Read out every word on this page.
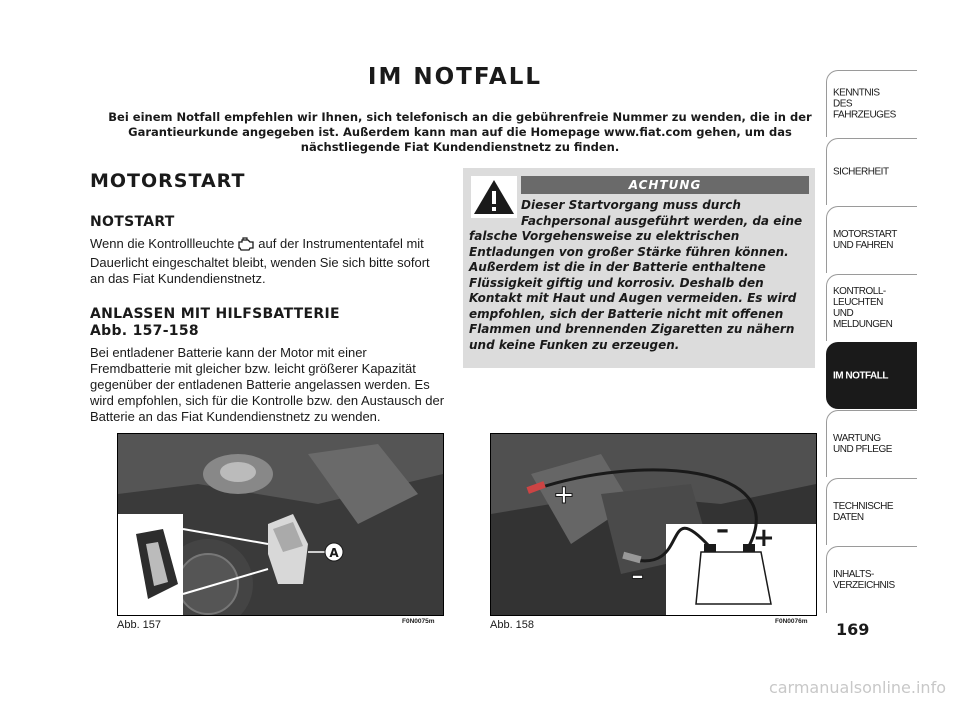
IM NOTFALL
Bei einem Notfall empfehlen wir Ihnen, sich telefonisch an die gebührenfreie Nummer zu wenden, die in der Garantieurkunde angegeben ist. Außerdem kann man auf die Homepage www.fiat.com gehen, um das nächstliegende Fiat Kundendienstnetz zu finden.
MOTORSTART
NOTSTART
Wenn die Kontrollleuchte auf der Instrumententafel mit Dauerlicht eingeschaltet bleibt, wenden Sie sich bitte sofort an das Fiat Kundendienstnetz.
ANLASSEN MIT HILFSBATTERIE
Abb. 157-158
Bei entladener Batterie kann der Motor mit einer Fremdbatterie mit gleicher bzw. leicht größerer Kapazität gegenüber der entladenen Batterie angelassen werden. Es wird empfohlen, sich für die Kontrolle bzw. den Austausch der Batterie an das Fiat Kundendienstnetz zu wenden.
ACHTUNG
Dieser Startvorgang muss durch Fachpersonal ausgeführt werden, da eine falsche Vorgehensweise zu elektrischen Entladungen von großer Stärke führen können. Außerdem ist die in der Batterie enthaltene Flüssigkeit giftig und korrosiv. Deshalb den Kontakt mit Haut und Augen vermeiden. Es wird empfohlen, sich der Batterie nicht mit offenen Flammen und brennenden Zigaretten zu nähern und keine Funken zu erzeugen.
A
Abb. 157	F0N0075m
+
–
+
–
Abb. 158	F0N0076m
KENNTNIS
DES FAHRZEUGES
SICHERHEIT
MOTORSTART
UND FAHREN
KONTROLL-
LEUCHTEN
UND MELDUNGEN
IM NOTFALL
WARTUNG
UND PFLEGE
TECHNISCHE
DATEN
INHALTS-
VERZEICHNIS
169
carmanualsonline.info
